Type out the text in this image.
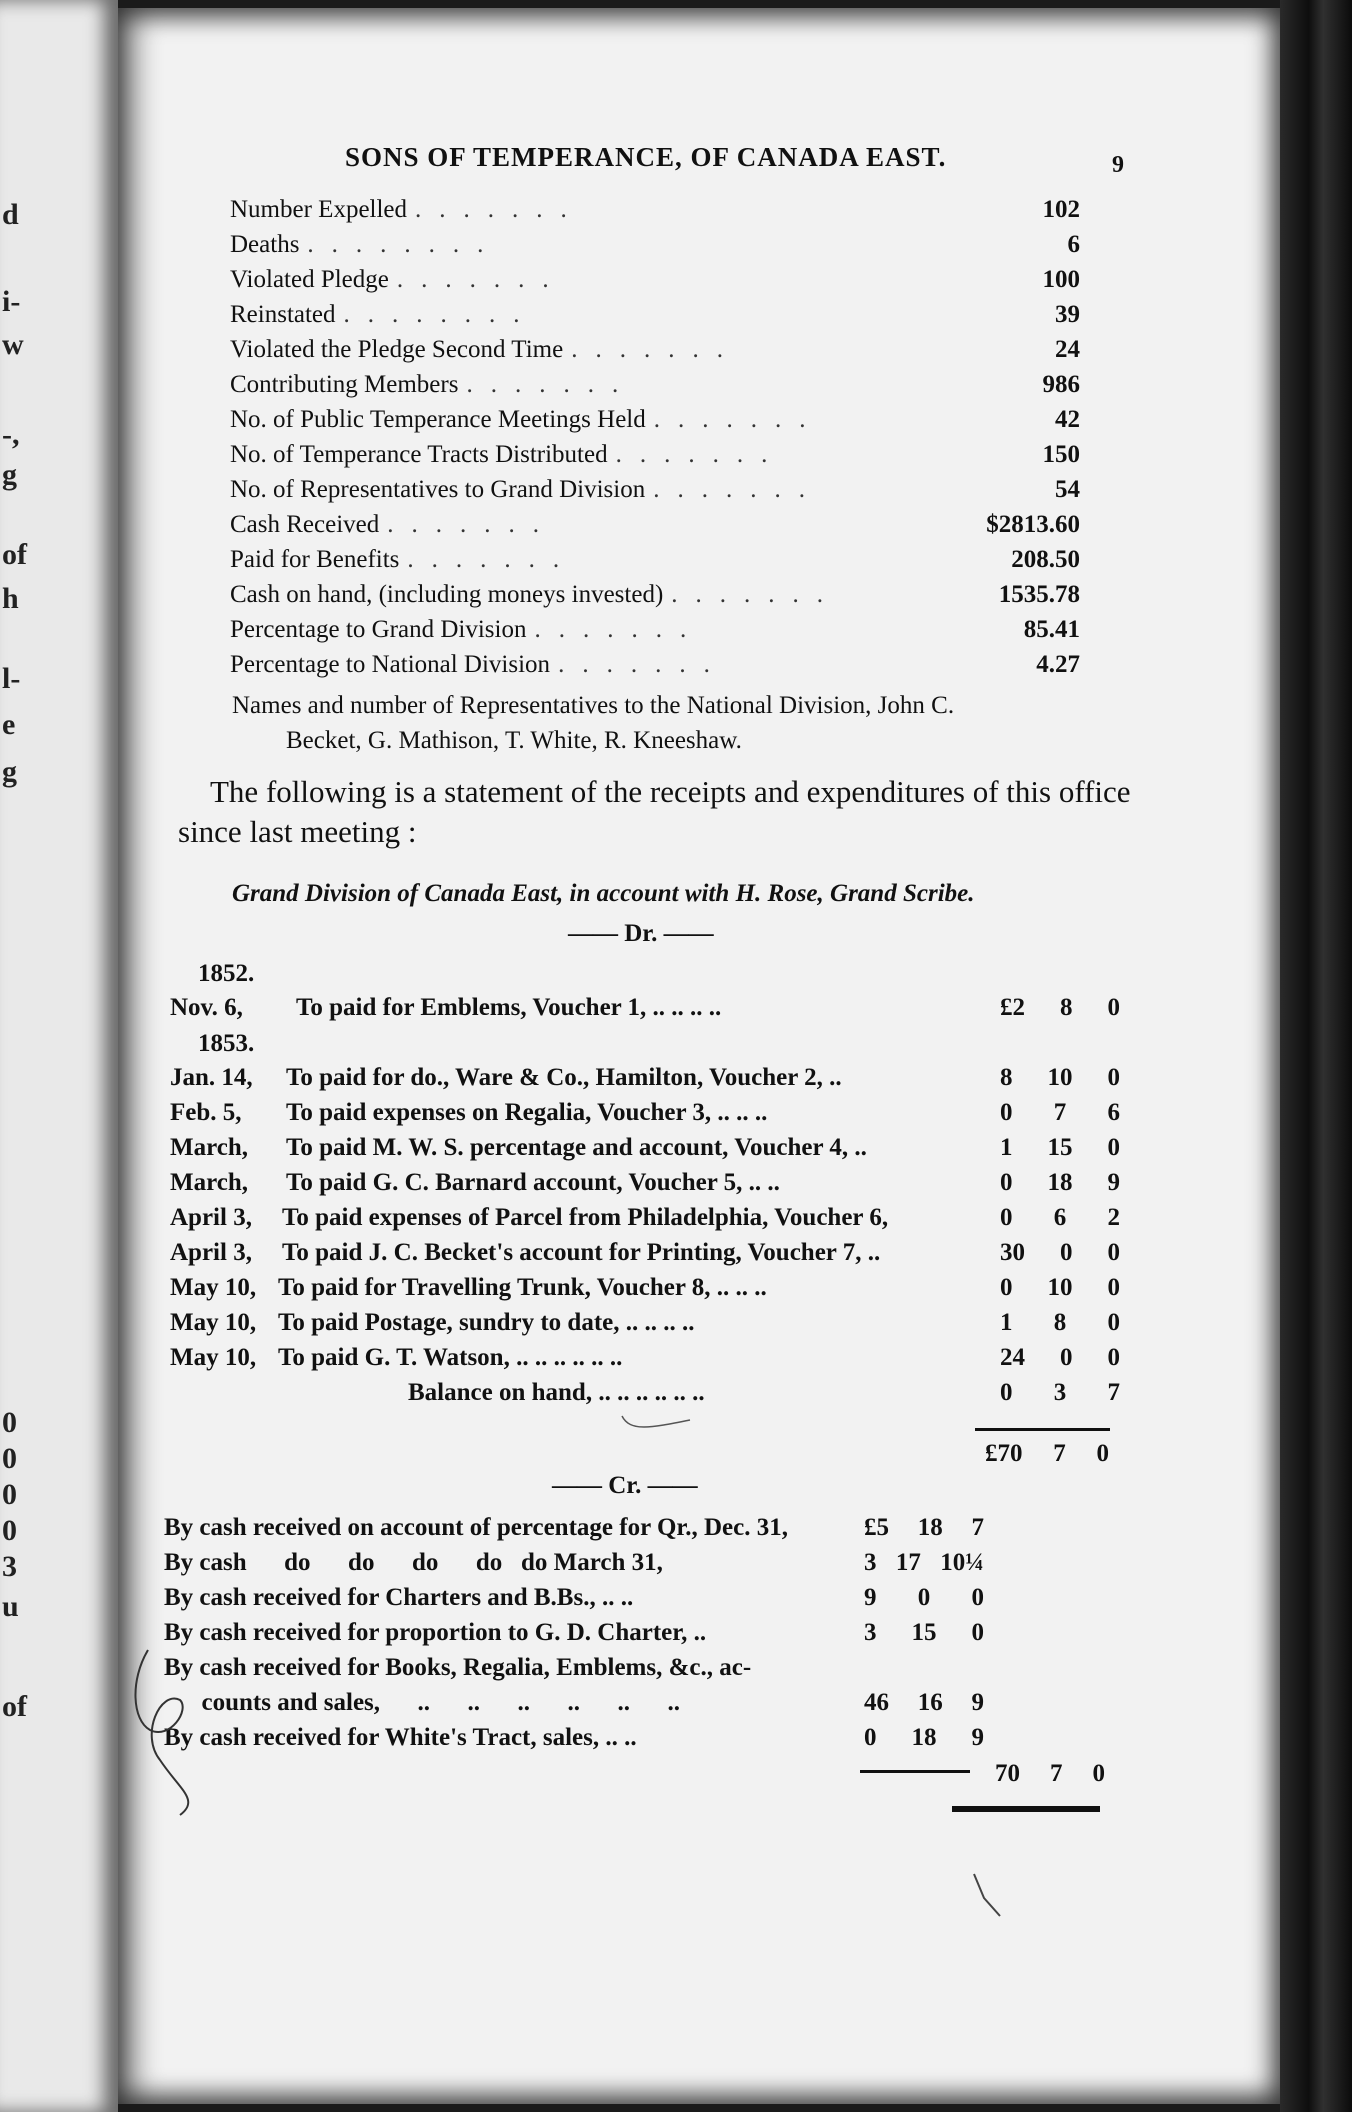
d
i-
w
-,
g
of
h
l-
e
g
0
0
0
0
3
u
of
SONS OF TEMPERANCE, OF CANADA EAST.	9
Number Expelled .......	102
Deaths ........	6
Violated Pledge .......	100
Reinstated ........	39
Violated the Pledge Second Time .......	24
Contributing Members .......	986
No. of Public Temperance Meetings Held .......	42
No. of Temperance Tracts Distributed .......	150
No. of Representatives to Grand Division .......	54
Cash Received .......	$2813.60
Paid for Benefits .......	208.50
Cash on hand, (including moneys invested) .......	1535.78
Percentage to Grand Division .......	85.41
Percentage to National Division .......	4.27
Names and number of Representatives to the National Division, John C.
Becket, G. Mathison, T. White, R. Kneeshaw.
The following is a statement of the receipts and expenditures of this office since last meeting :
Grand Division of Canada East, in account with H. Rose, Grand Scribe.
—— Dr. ——
1852.
Nov. 6, To paid for Emblems, Voucher 1, .. .. .. ..	£2 8 0
1853.
Jan. 14, To paid for do., Ware & Co., Hamilton, Voucher 2, ..	8 10 0
Feb. 5, To paid expenses on Regalia, Voucher 3, .. .. ..	0 7 6
March, To paid M. W. S. percentage and account, Voucher 4, ..	1 15 0
March, To paid G. C. Barnard account, Voucher 5, .. ..	0 18 9
April 3, To paid expenses of Parcel from Philadelphia, Voucher 6,	0 6 2
April 3, To paid J. C. Becket's account for Printing, Voucher 7, ..	30 0 0
May 10, To paid for Travelling Trunk, Voucher 8, .. .. ..	0 10 0
May 10, To paid Postage, sundry to date, .. .. .. ..	1 8 0
May 10, To paid G. T. Watson, .. .. .. .. .. ..	24 0 0
Balance on hand, .. .. .. .. .. ..	0 3 7
£70 7 0
—— Cr. ——
By cash received on account of percentage for Qr., Dec. 31,	£5 18 7
By cash      do      do      do      do   do March 31,	3 17 10¼
By cash received for Charters and B.Bs., .. ..	9 0 0
By cash received for proportion to G. D. Charter, ..	3 15 0
By cash received for Books, Regalia, Emblems, &c., ac-
counts and sales,      ..      ..      ..      ..      ..      ..	46 16 9
By cash received for White's Tract, sales, .. ..	0 18 9
70 7 0
